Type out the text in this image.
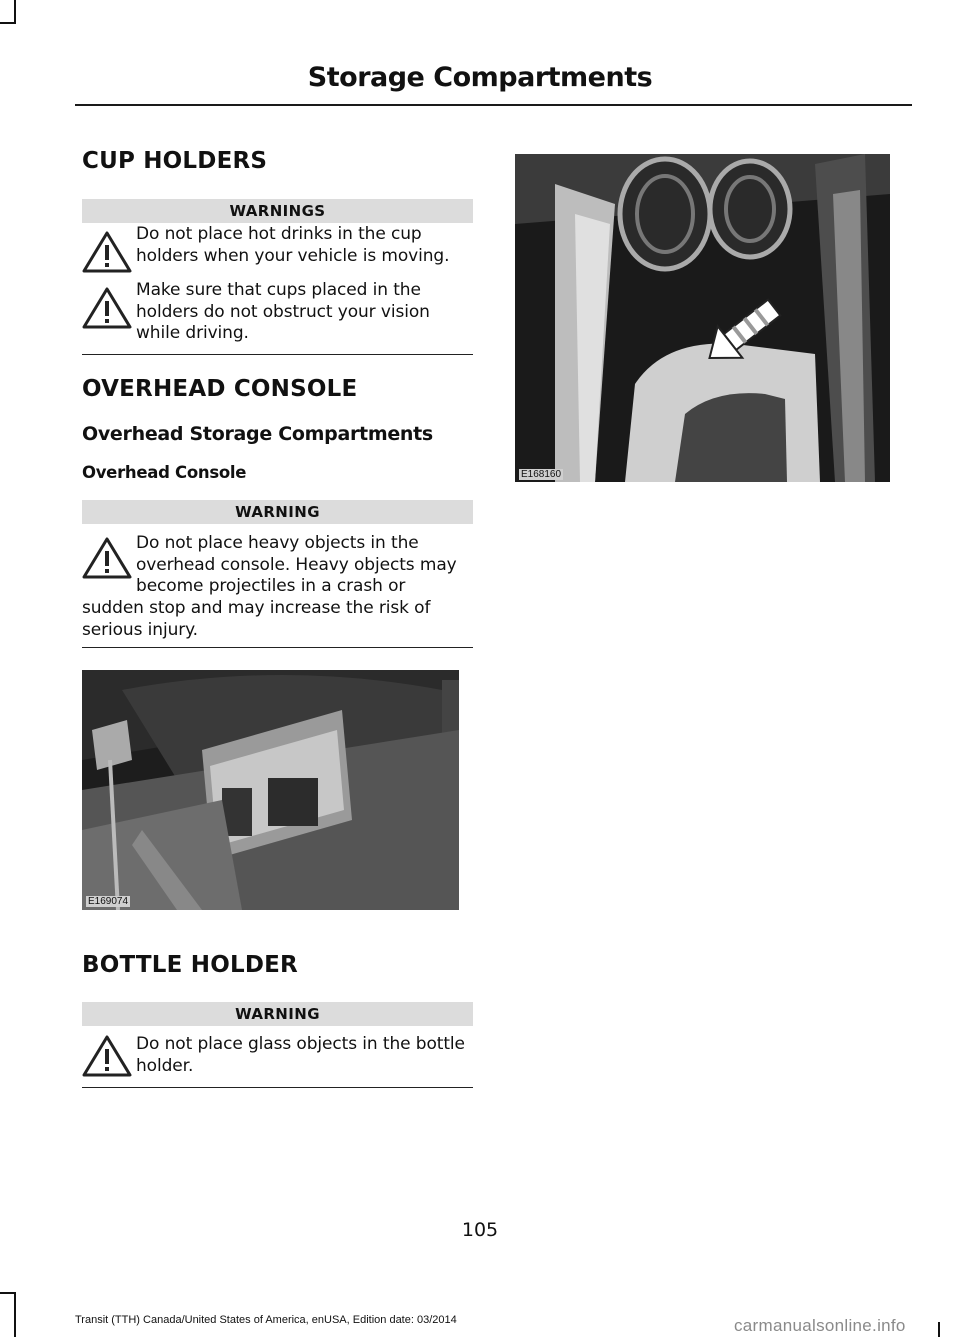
Storage Compartments
CUP HOLDERS
WARNINGS
Do not place hot drinks in the cup holders when your vehicle is moving.
Make sure that cups placed in the holders do not obstruct your vision while driving.
OVERHEAD CONSOLE
Overhead Storage Compartments
Overhead Console
WARNING
Do not place heavy objects in the overhead console. Heavy objects may become projectiles in a crash or
sudden stop and may increase the risk of serious injury.
E169074
BOTTLE HOLDER
WARNING
Do not place glass objects in the bottle holder.
E168160
105
Transit (TTH) Canada/United States of America, enUSA, Edition date: 03/2014	carmanualsonline.info
